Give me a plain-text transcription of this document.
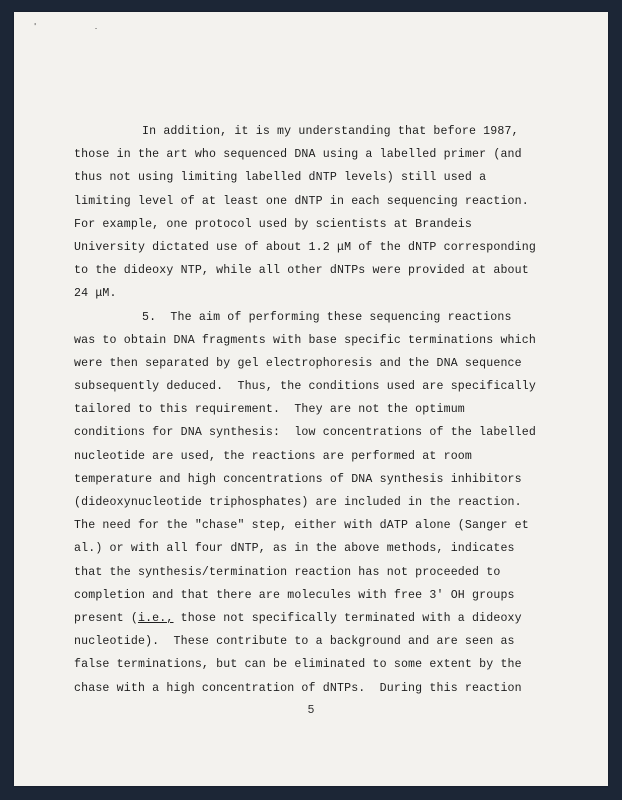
' .
In addition, it is my understanding that before 1987,
those in the art who sequenced DNA using a labelled primer (and
thus not using limiting labelled dNTP levels) still used a
limiting level of at least one dNTP in each sequencing reaction.
For example, one protocol used by scientists at Brandeis
University dictated use of about 1.2 μM of the dNTP corresponding
to the dideoxy NTP, while all other dNTPs were provided at about
24 μM.
5.  The aim of performing these sequencing reactions
was to obtain DNA fragments with base specific terminations which
were then separated by gel electrophoresis and the DNA sequence
subsequently deduced.  Thus, the conditions used are specifically
tailored to this requirement.  They are not the optimum
conditions for DNA synthesis:  low concentrations of the labelled
nucleotide are used, the reactions are performed at room
temperature and high concentrations of DNA synthesis inhibitors
(dideoxynucleotide triphosphates) are included in the reaction.
The need for the "chase" step, either with dATP alone (Sanger et
al.) or with all four dNTP, as in the above methods, indicates
that the synthesis/termination reaction has not proceeded to
completion and that there are molecules with free 3' OH groups
present (i.e., those not specifically terminated with a dideoxy
nucleotide).  These contribute to a background and are seen as
false terminations, but can be eliminated to some extent by the
chase with a high concentration of dNTPs.  During this reaction
5
